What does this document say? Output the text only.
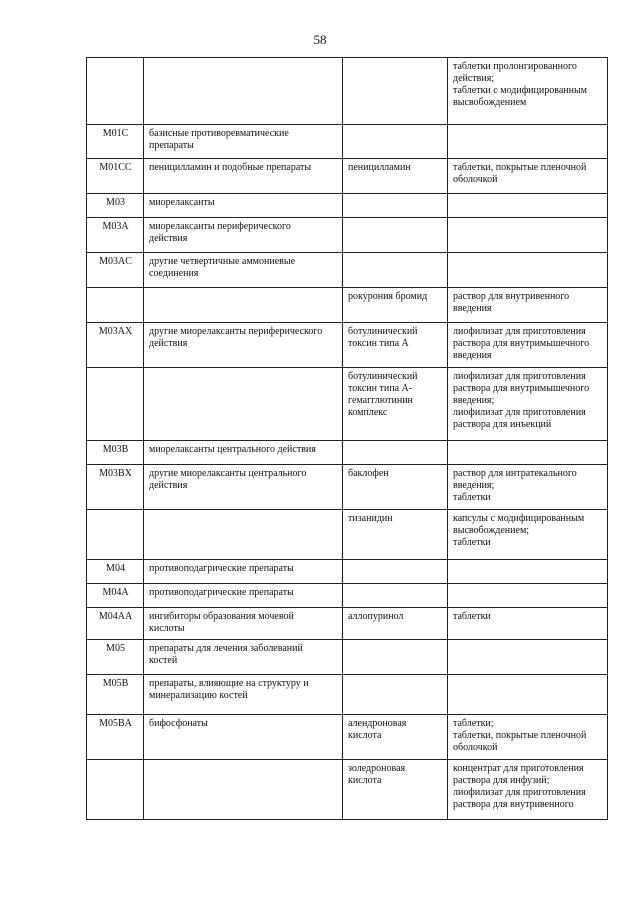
58

			таблетки пролонгированного
действия;
таблетки с модифицированным
высвобождением

M01C	базисные противоревматические
препараты		

M01CC	пеницилламин и подобные препараты	пеницилламин	таблетки, покрытые пленочной
оболочкой

M03	миорелаксанты		

M03A	миорелаксанты периферического
действия		

M03AC	другие четвертичные аммониевые
соединения		

		рокурония бромид	раствор для внутривенного
введения

M03AX	другие миорелаксанты периферического
действия	ботулинический
токсин типа А	лиофилизат для приготовления
раствора для внутримышечного
введения

		ботулинический
токсин типа А-
гемагглютинин
комплекс	лиофилизат для приготовления
раствора для внутримышечного
введения;
лиофилизат для приготовления
раствора для инъекций

M03B	миорелаксанты центрального действия		

M03BX	другие миорелаксанты центрального
действия	баклофен	раствор для интратекального
введения;
таблетки

		тизанидин	капсулы с модифицированным
высвобождением;
таблетки

M04	противоподагрические препараты		

M04A	противоподагрические препараты		

M04AA	ингибиторы образования мочевой
кислоты	аллопуринол	таблетки

M05	препараты для лечения заболеваний
костей		

M05B	препараты, влияющие на структуру и
минерализацию костей		

M05BA	бифосфонаты	алендроновая
кислота	таблетки;
таблетки, покрытые пленочной
оболочкой

		золедроновая
кислота	концентрат для приготовления
раствора для инфузий;
лиофилизат для приготовления
раствора для внутривенного
